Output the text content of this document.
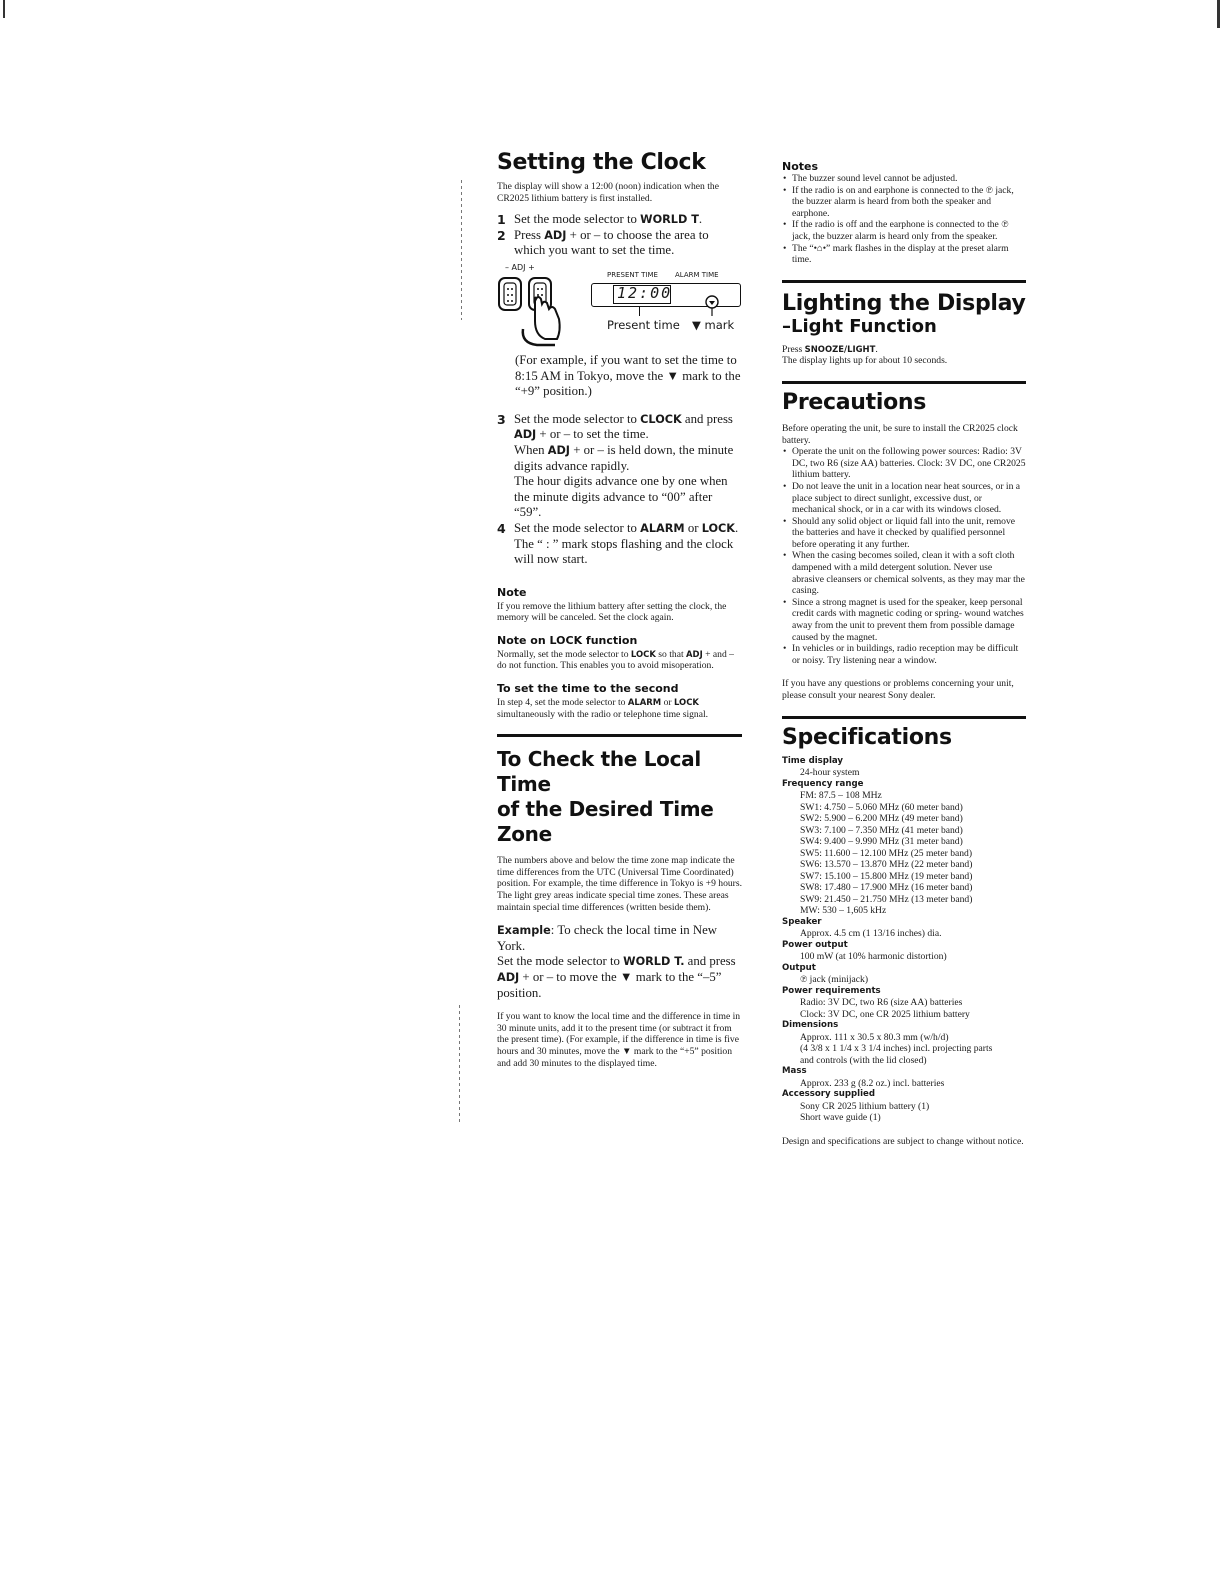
Setting the Clock

The display will show a 12:00 (noon) indication when the CR2025 lithium battery is first installed.

1 Set the mode selector to WORLD T.
2 Press ADJ + or – to choose the area to which you want to set the time.
– ADJ +
PRESENT TIME ALARM TIME
12:00
Present time ▼ mark

(For example, if you want to set the time to 8:15 AM in Tokyo, move the ▼ mark to the “+9” position.)

3 Set the mode selector to CLOCK and press ADJ + or – to set the time.
When ADJ + or – is held down, the minute digits advance rapidly.
The hour digits advance one by one when the minute digits advance to “00” after “59”.
4 Set the mode selector to ALARM or LOCK. The “ : ” mark stops flashing and the clock will now start.

Note

If you remove the lithium battery after setting the clock, the memory will be canceled. Set the clock again.

Note on LOCK function

Normally, set the mode selector to LOCK so that ADJ + and – do not function. This enables you to avoid misoperation.

To set the time to the second

In step 4, set the mode selector to ALARM or LOCK simultaneously with the radio or telephone time signal.

To Check the Local Time

of the Desired Time

Zone

The numbers above and below the time zone map indicate the time differences from the UTC (Universal Time Coordinated) position. For example, the time difference in Tokyo is +9 hours.

The light grey areas indicate special time zones. These areas maintain special time differences (written beside them).

Example: To check the local time in New York.

Set the mode selector to WORLD T. and press ADJ + or – to move the ▼ mark to the “–5” position.

If you want to know the local time and the difference in time in 30 minute units, add it to the present time (or subtract it from the present time). (For example, if the difference in time is five hours and 30 minutes, move the ▼ mark to the “+5” position and add 30 minutes to the displayed time.

Notes

• The buzzer sound level cannot be adjusted.
• If the radio is on and earphone is connected to the ℗ jack, the buzzer alarm is heard from both the speaker and earphone.
• If the radio is off and the earphone is connected to the ℗ jack, the buzzer alarm is heard only from the speaker.
• The “•⌂•” mark flashes in the display at the preset alarm time.
Lighting the Display

–Light Function

Press SNOOZE/LIGHT.

The display lights up for about 10 seconds.

Precautions

Before operating the unit, be sure to install the CR2025 clock battery.

• Operate the unit on the following power sources: Radio: 3V DC, two R6 (size AA) batteries. Clock: 3V DC, one CR2025 lithium battery.
• Do not leave the unit in a location near heat sources, or in a place subject to direct sunlight, excessive dust, or mechanical shock, or in a car with its windows closed.
• Should any solid object or liquid fall into the unit, remove the batteries and have it checked by qualified personnel before operating it any further.
• When the casing becomes soiled, clean it with a soft cloth dampened with a mild detergent solution. Never use abrasive cleansers or chemical solvents, as they may mar the casing.
• Since a strong magnet is used for the speaker, keep personal credit cards with magnetic coding or spring- wound watches away from the unit to prevent them from possible damage caused by the magnet.
• In vehicles or in buildings, radio reception may be difficult or noisy. Try listening near a window.

If you have any questions or problems concerning your unit, please consult your nearest Sony dealer.

Specifications

Time display

24-hour system

Frequency range

FM: 87.5 – 108 MHz

SW1: 4.750 – 5.060 MHz (60 meter band)

SW2: 5.900 – 6.200 MHz (49 meter band)

SW3: 7.100 – 7.350 MHz (41 meter band)

SW4: 9.400 – 9.990 MHz (31 meter band)

SW5: 11.600 – 12.100 MHz (25 meter band)

SW6: 13.570 – 13.870 MHz (22 meter band)

SW7: 15.100 – 15.800 MHz (19 meter band)

SW8: 17.480 – 17.900 MHz (16 meter band)

SW9: 21.450 – 21.750 MHz (13 meter band)

MW: 530 – 1,605 kHz

Speaker

Approx. 4.5 cm (1 13/16 inches) dia.

Power output

100 mW (at 10% harmonic distortion)

Output

℗ jack (minijack)

Power requirements

Radio: 3V DC, two R6 (size AA) batteries

Clock: 3V DC, one CR 2025 lithium battery

Dimensions

Approx. 111 x 30.5 x 80.3 mm (w/h/d)

(4 3/8 x 1 1/4 x 3 1/4 inches) incl. projecting parts

and controls (with the lid closed)

Mass

Approx. 233 g (8.2 oz.) incl. batteries

Accessory supplied

Sony CR 2025 lithium battery (1)

Short wave guide (1)

Design and specifications are subject to change without notice.
